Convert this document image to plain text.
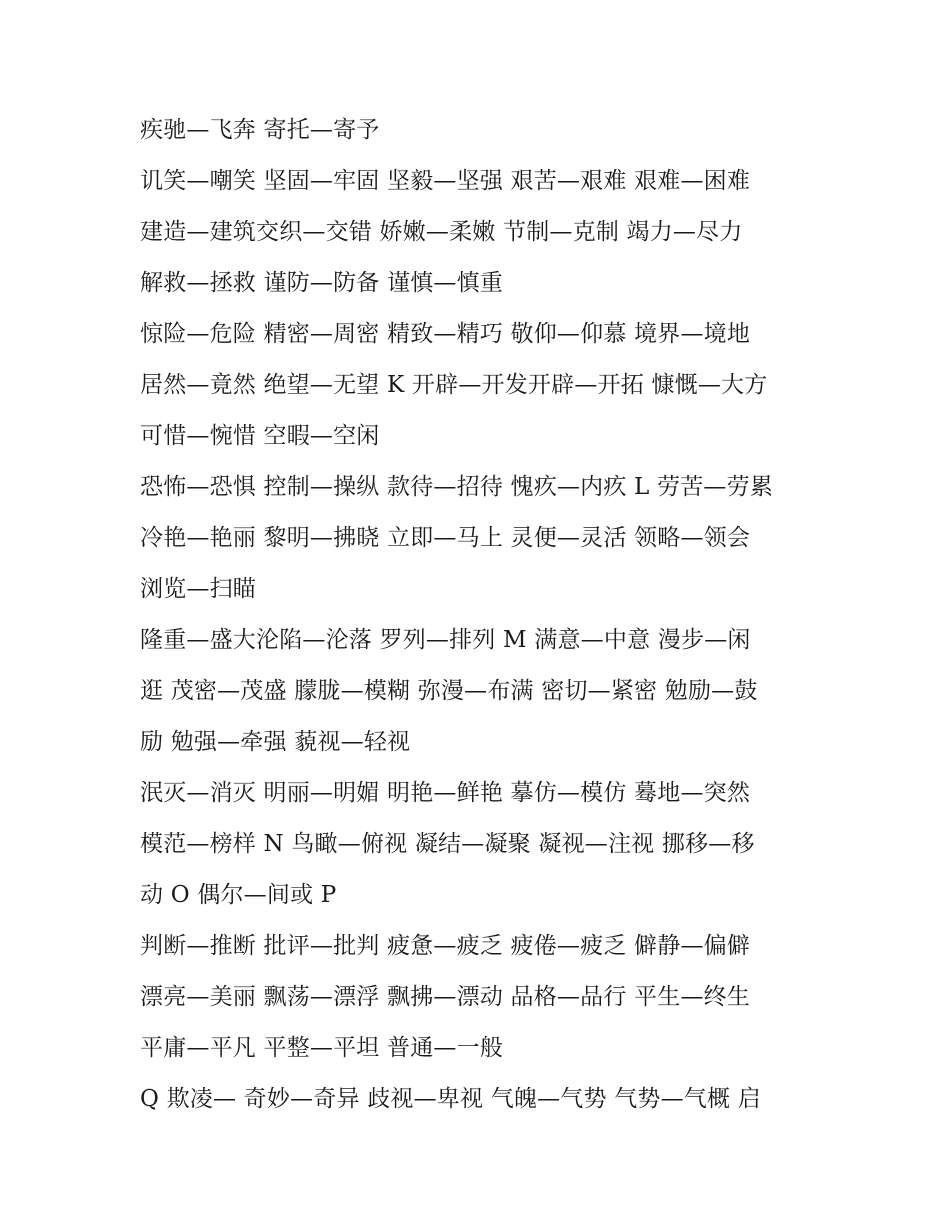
疾驰—飞奔 寄托—寄予
讥笑—嘲笑 坚固—牢固 坚毅—坚强 艰苦—艰难 艰难—困难
建造—建筑交织—交错 娇嫩—柔嫩 节制—克制 竭力—尽力
解救—拯救 谨防—防备 谨慎—慎重
惊险—危险 精密—周密 精致—精巧 敬仰—仰慕 境界—境地
居然—竟然 绝望—无望 K 开辟—开发开辟—开拓 慷慨—大方
可惜—惋惜 空暇—空闲
恐怖—恐惧 控制—操纵 款待—招待 愧疚—内疚 L 劳苦—劳累
冷艳—艳丽 黎明—拂晓 立即—马上 灵便—灵活 领略—领会
浏览—扫瞄
隆重—盛大沦陷—沦落 罗列—排列 M 满意—中意 漫步—闲
逛 茂密—茂盛 朦胧—模糊 弥漫—布满 密切—紧密 勉励—鼓
励 勉强—牵强 藐视—轻视
泯灭—消灭 明丽—明媚 明艳—鲜艳 摹仿—模仿 蓦地—突然
模范—榜样 N 鸟瞰—俯视 凝结—凝聚 凝视—注视 挪移—移
动 O 偶尔—间或 P
判断—推断 批评—批判 疲惫—疲乏 疲倦—疲乏 僻静—偏僻
漂亮—美丽 飘荡—漂浮 飘拂—漂动 品格—品行 平生—终生
平庸—平凡 平整—平坦 普通—一般
Q 欺凌— 奇妙—奇异 歧视—卑视 气魄—气势 气势—气概 启
